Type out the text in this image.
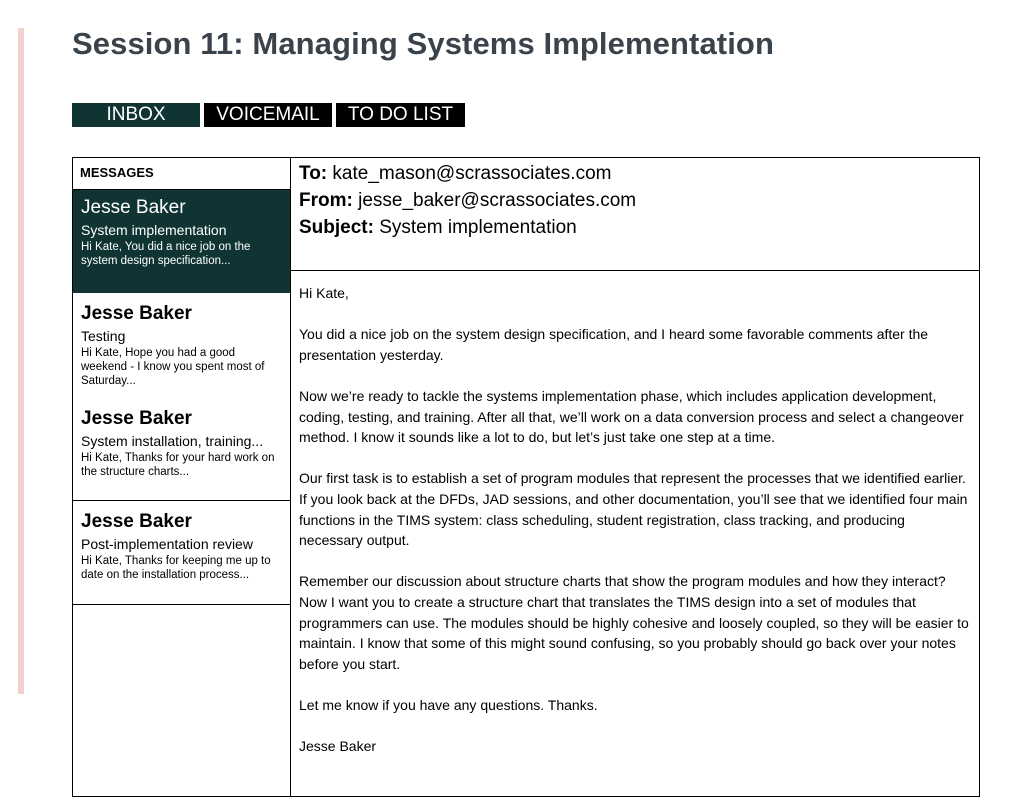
Session 11: Managing Systems Implementation
INBOX	VOICEMAIL	TO DO LIST
MESSAGES
Jesse Baker
System implementation
Hi Kate, You did a nice job on the system design specification...
Jesse Baker
Testing
Hi Kate, Hope you had a good weekend - I know you spent most of Saturday...
Jesse Baker
System installation, training...
Hi Kate, Thanks for your hard work on the structure charts...
Jesse Baker
Post-implementation review
Hi Kate, Thanks for keeping me up to date on the installation process...
To: kate_mason@scrassociates.com
From: jesse_baker@scrassociates.com
Subject: System implementation

Hi Kate,

You did a nice job on the system design specification, and I heard some favorable comments after the presentation yesterday.

Now we’re ready to tackle the systems implementation phase, which includes application development, coding, testing, and training. After all that, we’ll work on a data conversion process and select a changeover method. I know it sounds like a lot to do, but let’s just take one step at a time.

Our first task is to establish a set of program modules that represent the processes that we identified earlier. If you look back at the DFDs, JAD sessions, and other documentation, you’ll see that we identified four main functions in the TIMS system: class scheduling, student registration, class tracking, and producing necessary output.

Remember our discussion about structure charts that show the program modules and how they interact? Now I want you to create a structure chart that translates the TIMS design into a set of modules that programmers can use. The modules should be highly cohesive and loosely coupled, so they will be easier to maintain. I know that some of this might sound confusing, so you probably should go back over your notes before you start.

Let me know if you have any questions. Thanks.

Jesse Baker
